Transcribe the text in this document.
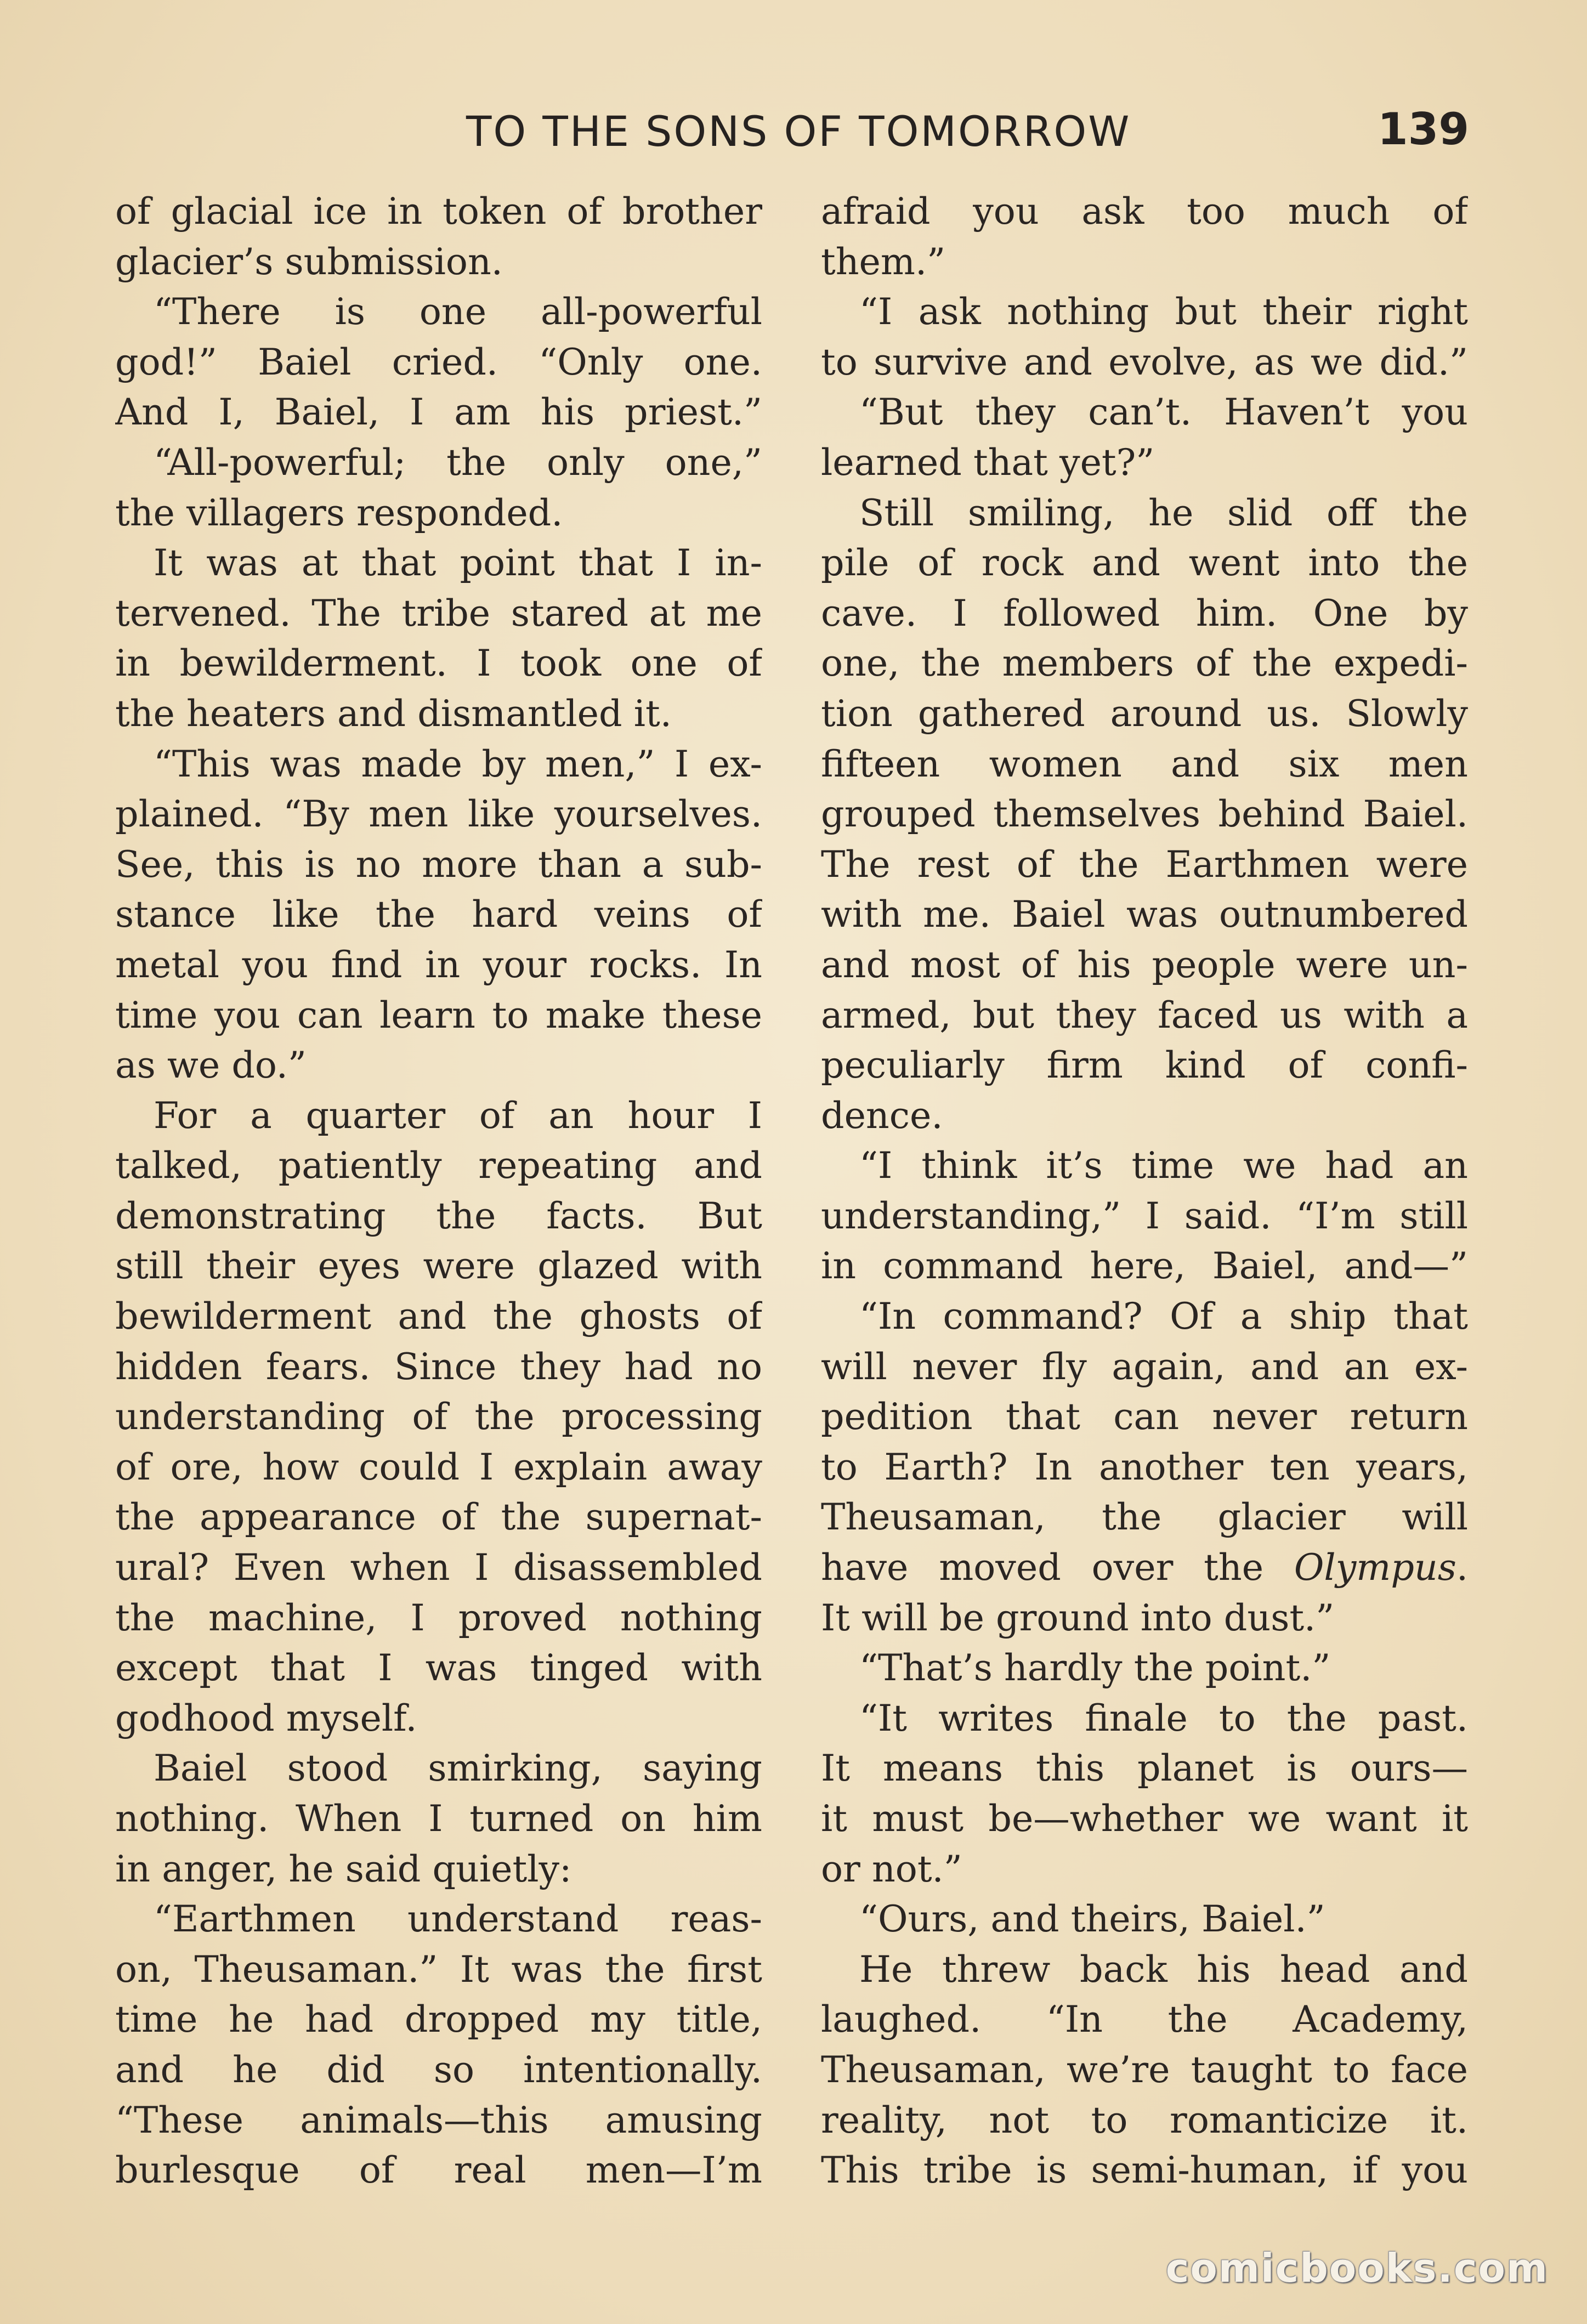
TO THE SONS OF TOMORROW	139
of glacial ice in token of brother
glacier’s submission.
“There is one all-powerful
god!” Baiel cried. “Only one.
And I, Baiel, I am his priest.”
“All-powerful; the only one,”
the villagers responded.
It was at that point that I in-
tervened. The tribe stared at me
in bewilderment. I took one of
the heaters and dismantled it.
“This was made by men,” I ex-
plained. “By men like yourselves.
See, this is no more than a sub-
stance like the hard veins of
metal you find in your rocks. In
time you can learn to make these
as we do.”
For a quarter of an hour I
talked, patiently repeating and
demonstrating the facts. But
still their eyes were glazed with
bewilderment and the ghosts of
hidden fears. Since they had no
understanding of the processing
of ore, how could I explain away
the appearance of the supernat-
ural? Even when I disassembled
the machine, I proved nothing
except that I was tinged with
godhood myself.
Baiel stood smirking, saying
nothing. When I turned on him
in anger, he said quietly:
“Earthmen understand reas-
on, Theusaman.” It was the first
time he had dropped my title,
and he did so intentionally.
“These animals—this amusing
burlesque of real men—I’m
afraid you ask too much of
them.”
“I ask nothing but their right
to survive and evolve, as we did.”
“But they can’t. Haven’t you
learned that yet?”
Still smiling, he slid off the
pile of rock and went into the
cave. I followed him. One by
one, the members of the expedi-
tion gathered around us. Slowly
fifteen women and six men
grouped themselves behind Baiel.
The rest of the Earthmen were
with me. Baiel was outnumbered
and most of his people were un-
armed, but they faced us with a
peculiarly firm kind of confi-
dence.
“I think it’s time we had an
understanding,” I said. “I’m still
in command here, Baiel, and—”
“In command? Of a ship that
will never fly again, and an ex-
pedition that can never return
to Earth? In another ten years,
Theusaman, the glacier will
have moved over the Olympus.
It will be ground into dust.”
“That’s hardly the point.”
“It writes finale to the past.
It means this planet is ours—
it must be—whether we want it
or not.”
“Ours, and theirs, Baiel.”
He threw back his head and
laughed. “In the Academy,
Theusaman, we’re taught to face
reality, not to romanticize it.
This tribe is semi-human, if you
comicbooks.com
